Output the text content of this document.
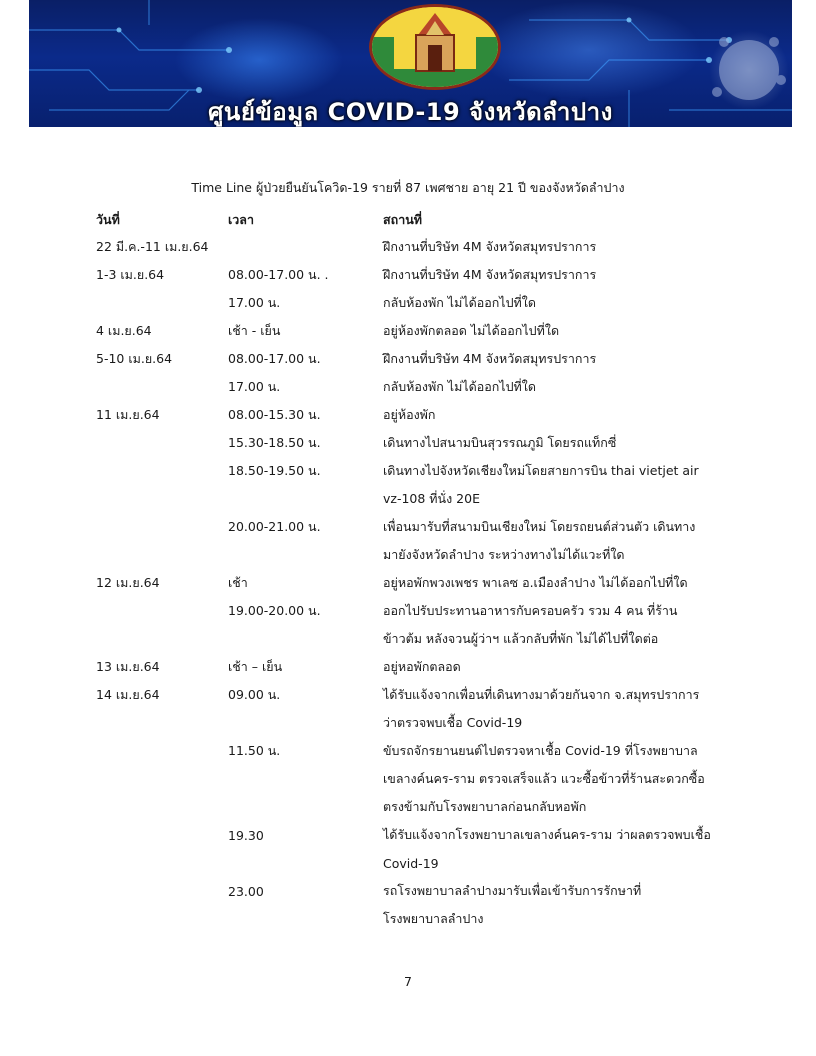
ศูนย์ข้อมูล COVID-19 จังหวัดลำปาง
Time Line ผู้ป่วยยืนยันโควิด-19 รายที่ 87 เพศชาย อายุ 21 ปี ของจังหวัดลำปาง
วันที่	เวลา	สถานที่
22 มี.ค.-11 เม.ย.64		ฝึกงานที่บริษัท 4M จังหวัดสมุทรปราการ
1-3 เม.ย.64	08.00-17.00 น. .	ฝึกงานที่บริษัท 4M จังหวัดสมุทรปราการ
	17.00 น.	กลับห้องพัก ไม่ได้ออกไปที่ใด
4 เม.ย.64	เช้า - เย็น	อยู่ห้องพักตลอด ไม่ได้ออกไปที่ใด
5-10 เม.ย.64	08.00-17.00 น.	ฝึกงานที่บริษัท 4M จังหวัดสมุทรปราการ
	17.00 น.	กลับห้องพัก ไม่ได้ออกไปที่ใด
11 เม.ย.64	08.00-15.30 น.	อยู่ห้องพัก
	15.30-18.50 น.	เดินทางไปสนามบินสุวรรณภูมิ โดยรถแท็กซี่
	18.50-19.50 น.	เดินทางไปจังหวัดเชียงใหม่โดยสายการบิน thai vietjet air
		vz-108 ที่นั่ง 20E
	20.00-21.00 น.	เพื่อนมารับที่สนามบินเชียงใหม่ โดยรถยนต์ส่วนตัว เดินทาง
		มายังจังหวัดลำปาง ระหว่างทางไม่ได้แวะที่ใด
12 เม.ย.64	เช้า	อยู่หอพักพวงเพชร พาเลซ อ.เมืองลำปาง ไม่ได้ออกไปที่ใด
	19.00-20.00 น.	ออกไปรับประทานอาหารกับครอบครัว รวม 4 คน ที่ร้าน
		ข้าวต้ม หลังจวนผู้ว่าฯ แล้วกลับที่พัก ไม่ได้ไปที่ใดต่อ
13 เม.ย.64	เช้า – เย็น	อยู่หอพักตลอด
14 เม.ย.64	09.00 น.	ได้รับแจ้งจากเพื่อนที่เดินทางมาด้วยกันจาก จ.สมุทรปราการ
		ว่าตรวจพบเชื้อ Covid-19
	11.50 น.	ขับรถจักรยานยนต์ไปตรวจหาเชื้อ Covid-19 ที่โรงพยาบาล
		เขลางค์นคร-ราม ตรวจเสร็จแล้ว แวะซื้อข้าวที่ร้านสะดวกซื้อ
		ตรงข้ามกับโรงพยาบาลก่อนกลับหอพัก
	19.30	ได้รับแจ้งจากโรงพยาบาลเขลางค์นคร-ราม ว่าผลตรวจพบเชื้อ
		Covid-19
	23.00	รถโรงพยาบาลลำปางมารับเพื่อเข้ารับการรักษาที่
		โรงพยาบาลลำปาง
7
